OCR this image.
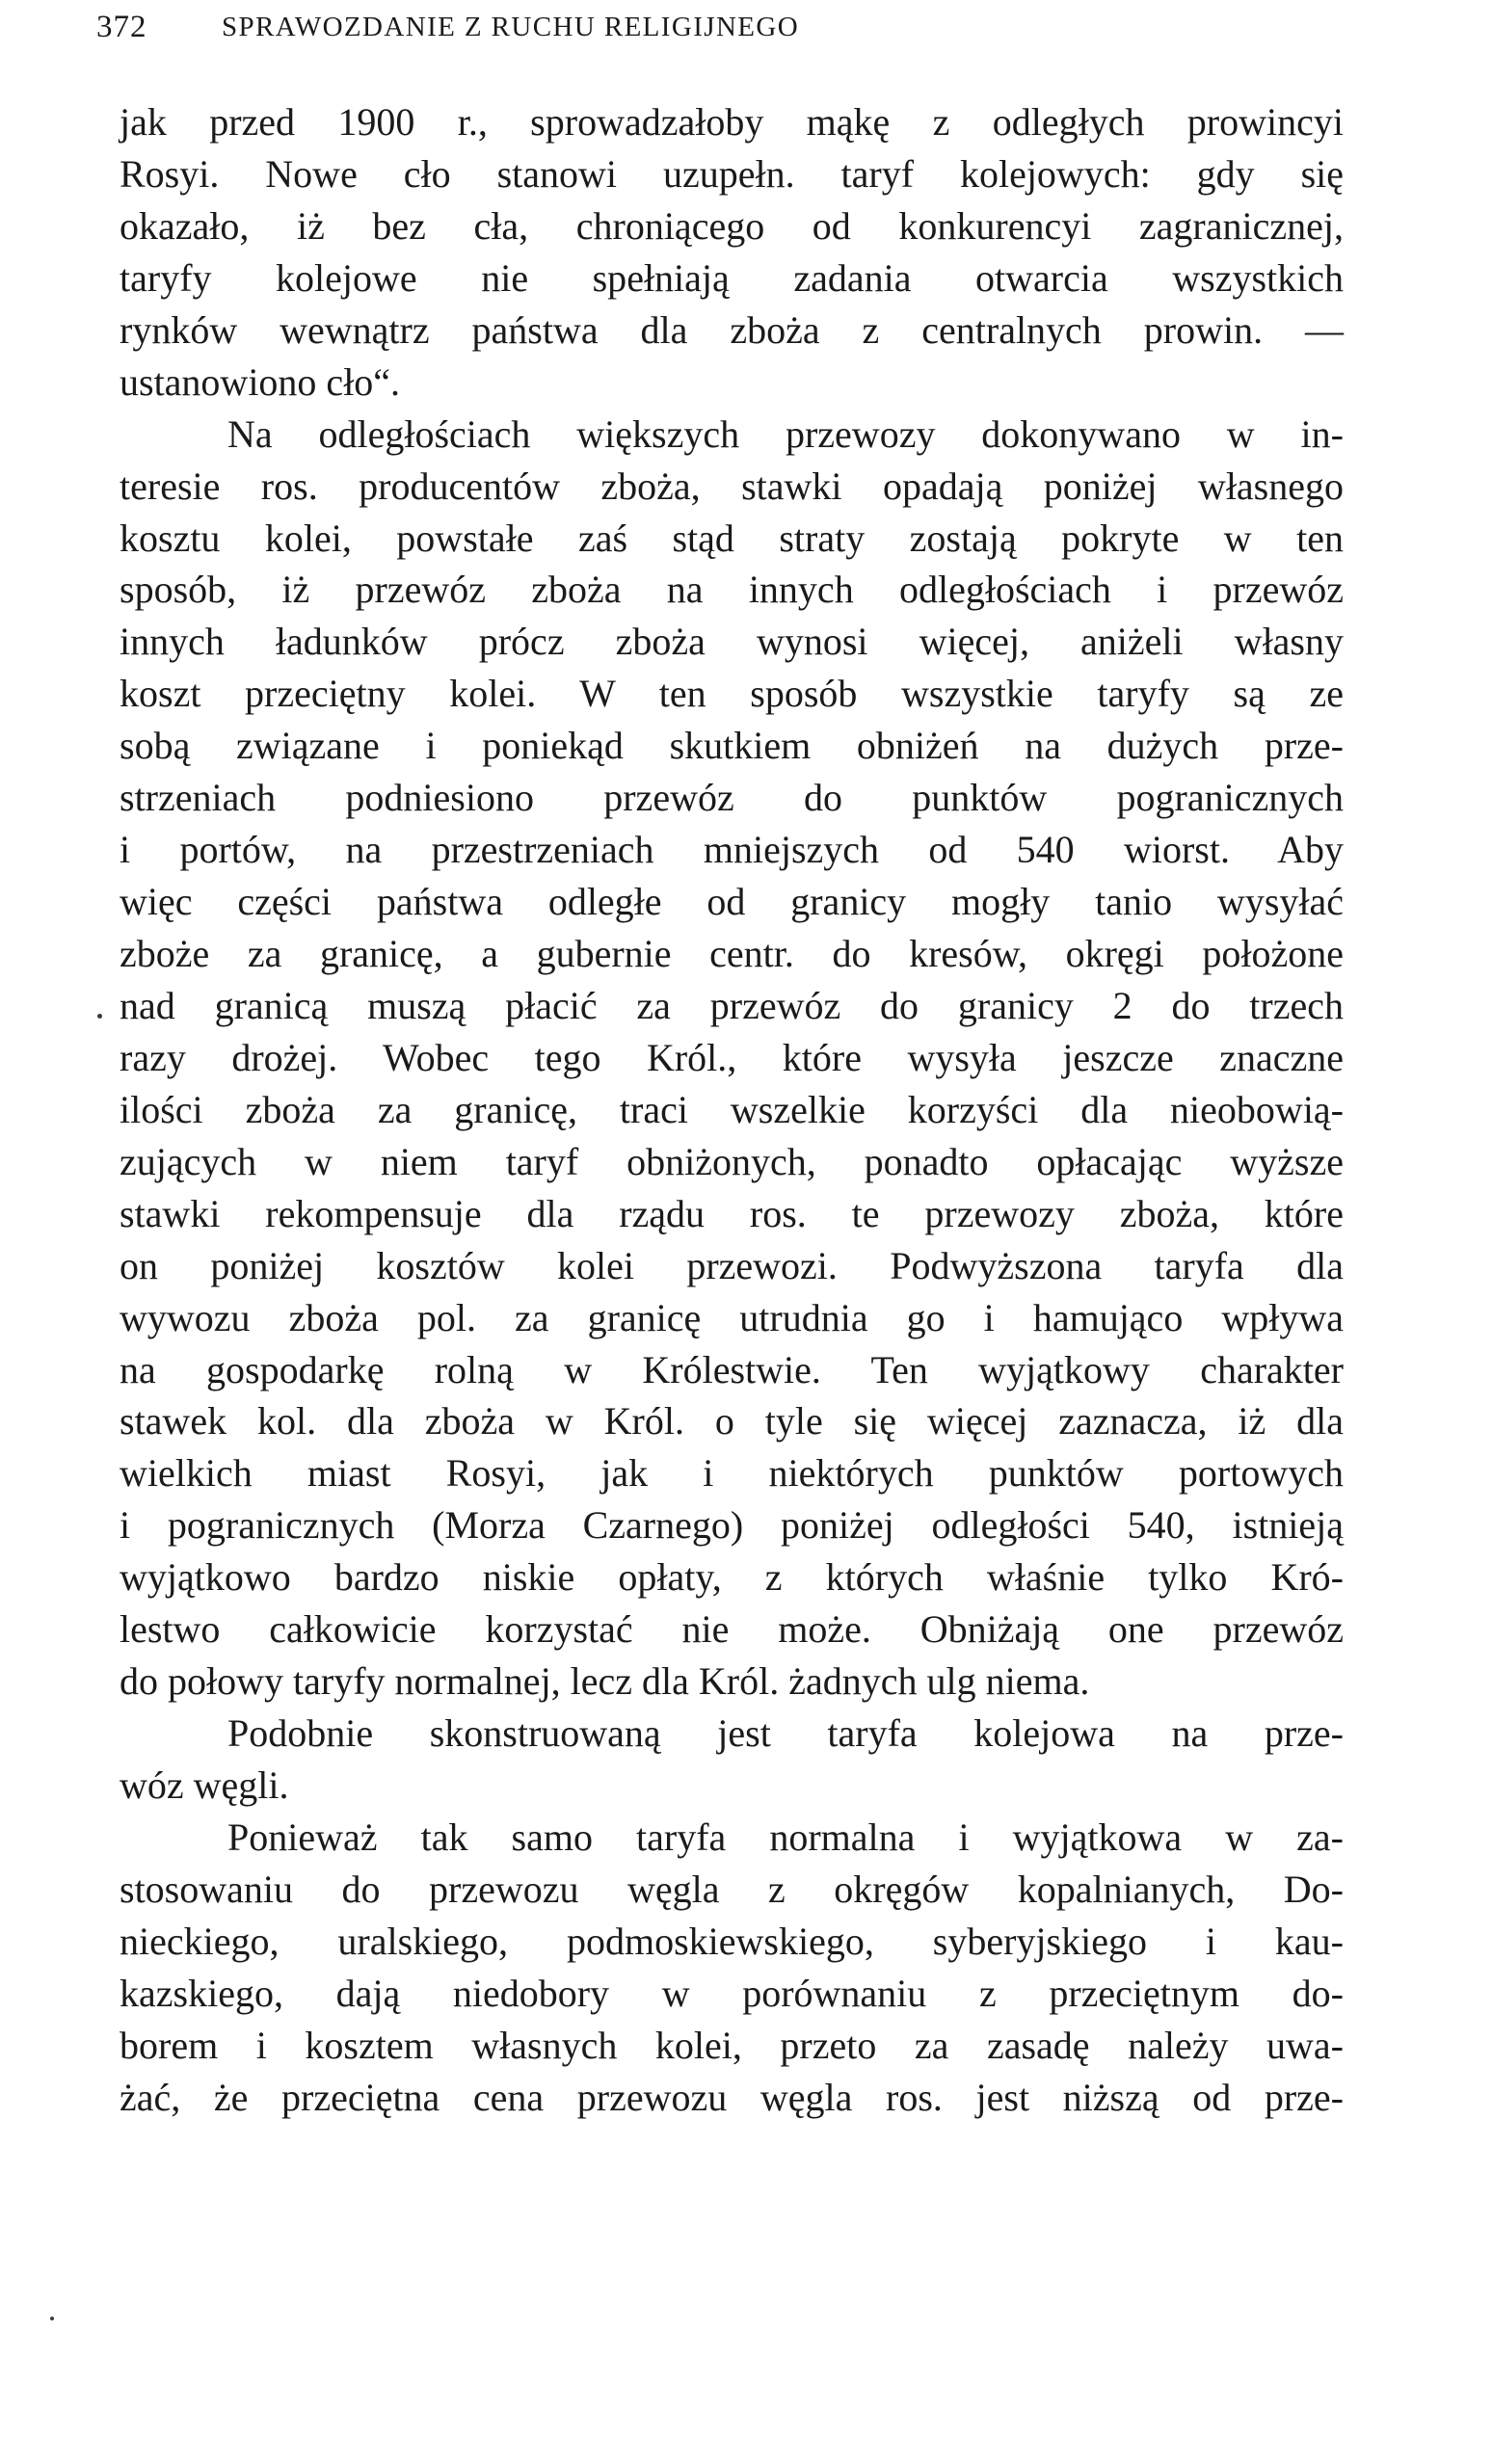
372	SPRAWOZDANIE Z RUCHU RELIGIJNEGO
jak przed 1900 r., sprowadzałoby mąkę z odległych prowincyi
Rosyi. Nowe cło stanowi uzupełn. taryf kolejowych: gdy się
okazało, iż bez cła, chroniącego od konkurencyi zagranicznej,
taryfy kolejowe nie spełniają zadania otwarcia wszystkich
rynków wewnątrz państwa dla zboża z centralnych prowin. —
ustanowiono cło“.
Na odległościach większych przewozy dokonywano w in-
teresie ros. producentów zboża, stawki opadają poniżej własnego
kosztu kolei, powstałe zaś stąd straty zostają pokryte w ten
sposób, iż przewóz zboża na innych odległościach i przewóz
innych ładunków prócz zboża wynosi więcej, aniżeli własny
koszt przeciętny kolei. W ten sposób wszystkie taryfy są ze
sobą związane i poniekąd skutkiem obniżeń na dużych prze-
strzeniach podniesiono przewóz do punktów pogranicznych
i portów, na przestrzeniach mniejszych od 540 wiorst. Aby
więc części państwa odległe od granicy mogły tanio wysyłać
zboże za granicę, a gubernie centr. do kresów, okręgi położone
nad granicą muszą płacić za przewóz do granicy 2 do trzech
razy drożej. Wobec tego Król., które wysyła jeszcze znaczne
ilości zboża za granicę, traci wszelkie korzyści dla nieobowią-
zujących w niem taryf obniżonych, ponadto opłacając wyższe
stawki rekompensuje dla rządu ros. te przewozy zboża, które
on poniżej kosztów kolei przewozi. Podwyższona taryfa dla
wywozu zboża pol. za granicę utrudnia go i hamująco wpływa
na gospodarkę rolną w Królestwie. Ten wyjątkowy charakter
stawek kol. dla zboża w Król. o tyle się więcej zaznacza, iż dla
wielkich miast Rosyi, jak i niektórych punktów portowych
i pogranicznych (Morza Czarnego) poniżej odległości 540, istnieją
wyjątkowo bardzo niskie opłaty, z których właśnie tylko Kró-
lestwo całkowicie korzystać nie może. Obniżają one przewóz
do połowy taryfy normalnej, lecz dla Król. żadnych ulg niema.
Podobnie skonstruowaną jest taryfa kolejowa na prze-
wóz węgli.
Ponieważ tak samo taryfa normalna i wyjątkowa w za-
stosowaniu do przewozu węgla z okręgów kopalnianych, Do-
nieckiego, uralskiego, podmoskiewskiego, syberyjskiego i kau-
kazskiego, dają niedobory w porównaniu z przeciętnym do-
borem i kosztem własnych kolei, przeto za zasadę należy uwa-
żać, że przeciętna cena przewozu węgla ros. jest niższą od prze-
